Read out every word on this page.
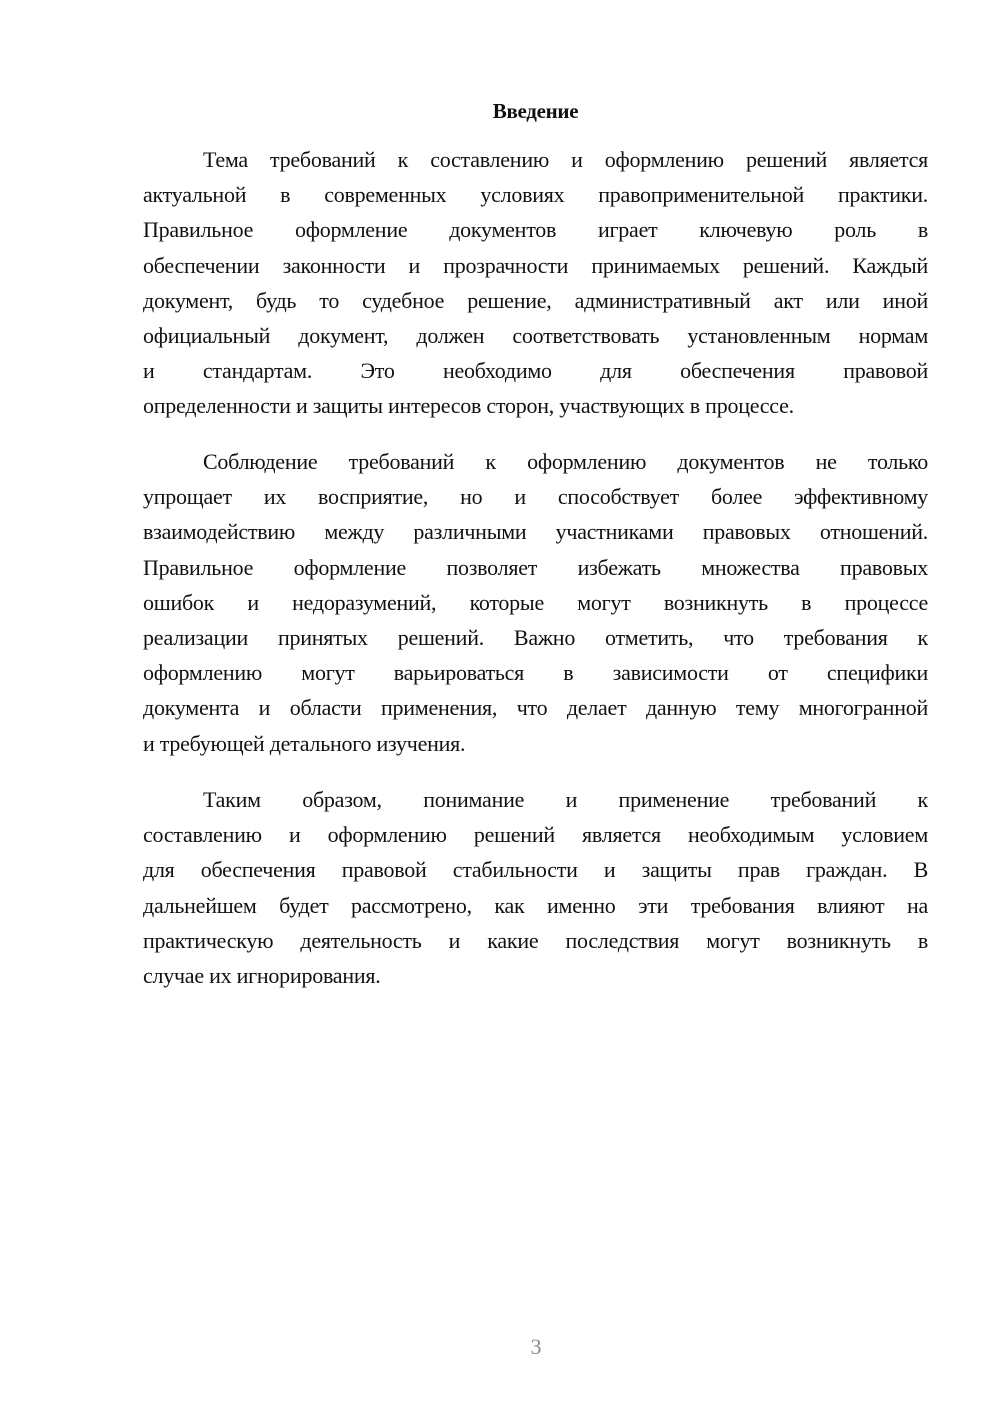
Введение
Тема требований к составлению и оформлению решений является
актуальной в современных условиях правоприменительной практики.
Правильное оформление документов играет ключевую роль в
обеспечении законности и прозрачности принимаемых решений. Каждый
документ, будь то судебное решение, административный акт или иной
официальный документ, должен соответствовать установленным нормам
и стандартам. Это необходимо для обеспечения правовой
определенности и защиты интересов сторон, участвующих в процессе.
Соблюдение требований к оформлению документов не только
упрощает их восприятие, но и способствует более эффективному
взаимодействию между различными участниками правовых отношений.
Правильное оформление позволяет избежать множества правовых
ошибок и недоразумений, которые могут возникнуть в процессе
реализации принятых решений. Важно отметить, что требования к
оформлению могут варьироваться в зависимости от специфики
документа и области применения, что делает данную тему многогранной
и требующей детального изучения.
Таким образом, понимание и применение требований к
составлению и оформлению решений является необходимым условием
для обеспечения правовой стабильности и защиты прав граждан. В
дальнейшем будет рассмотрено, как именно эти требования влияют на
практическую деятельность и какие последствия могут возникнуть в
случае их игнорирования.
3
